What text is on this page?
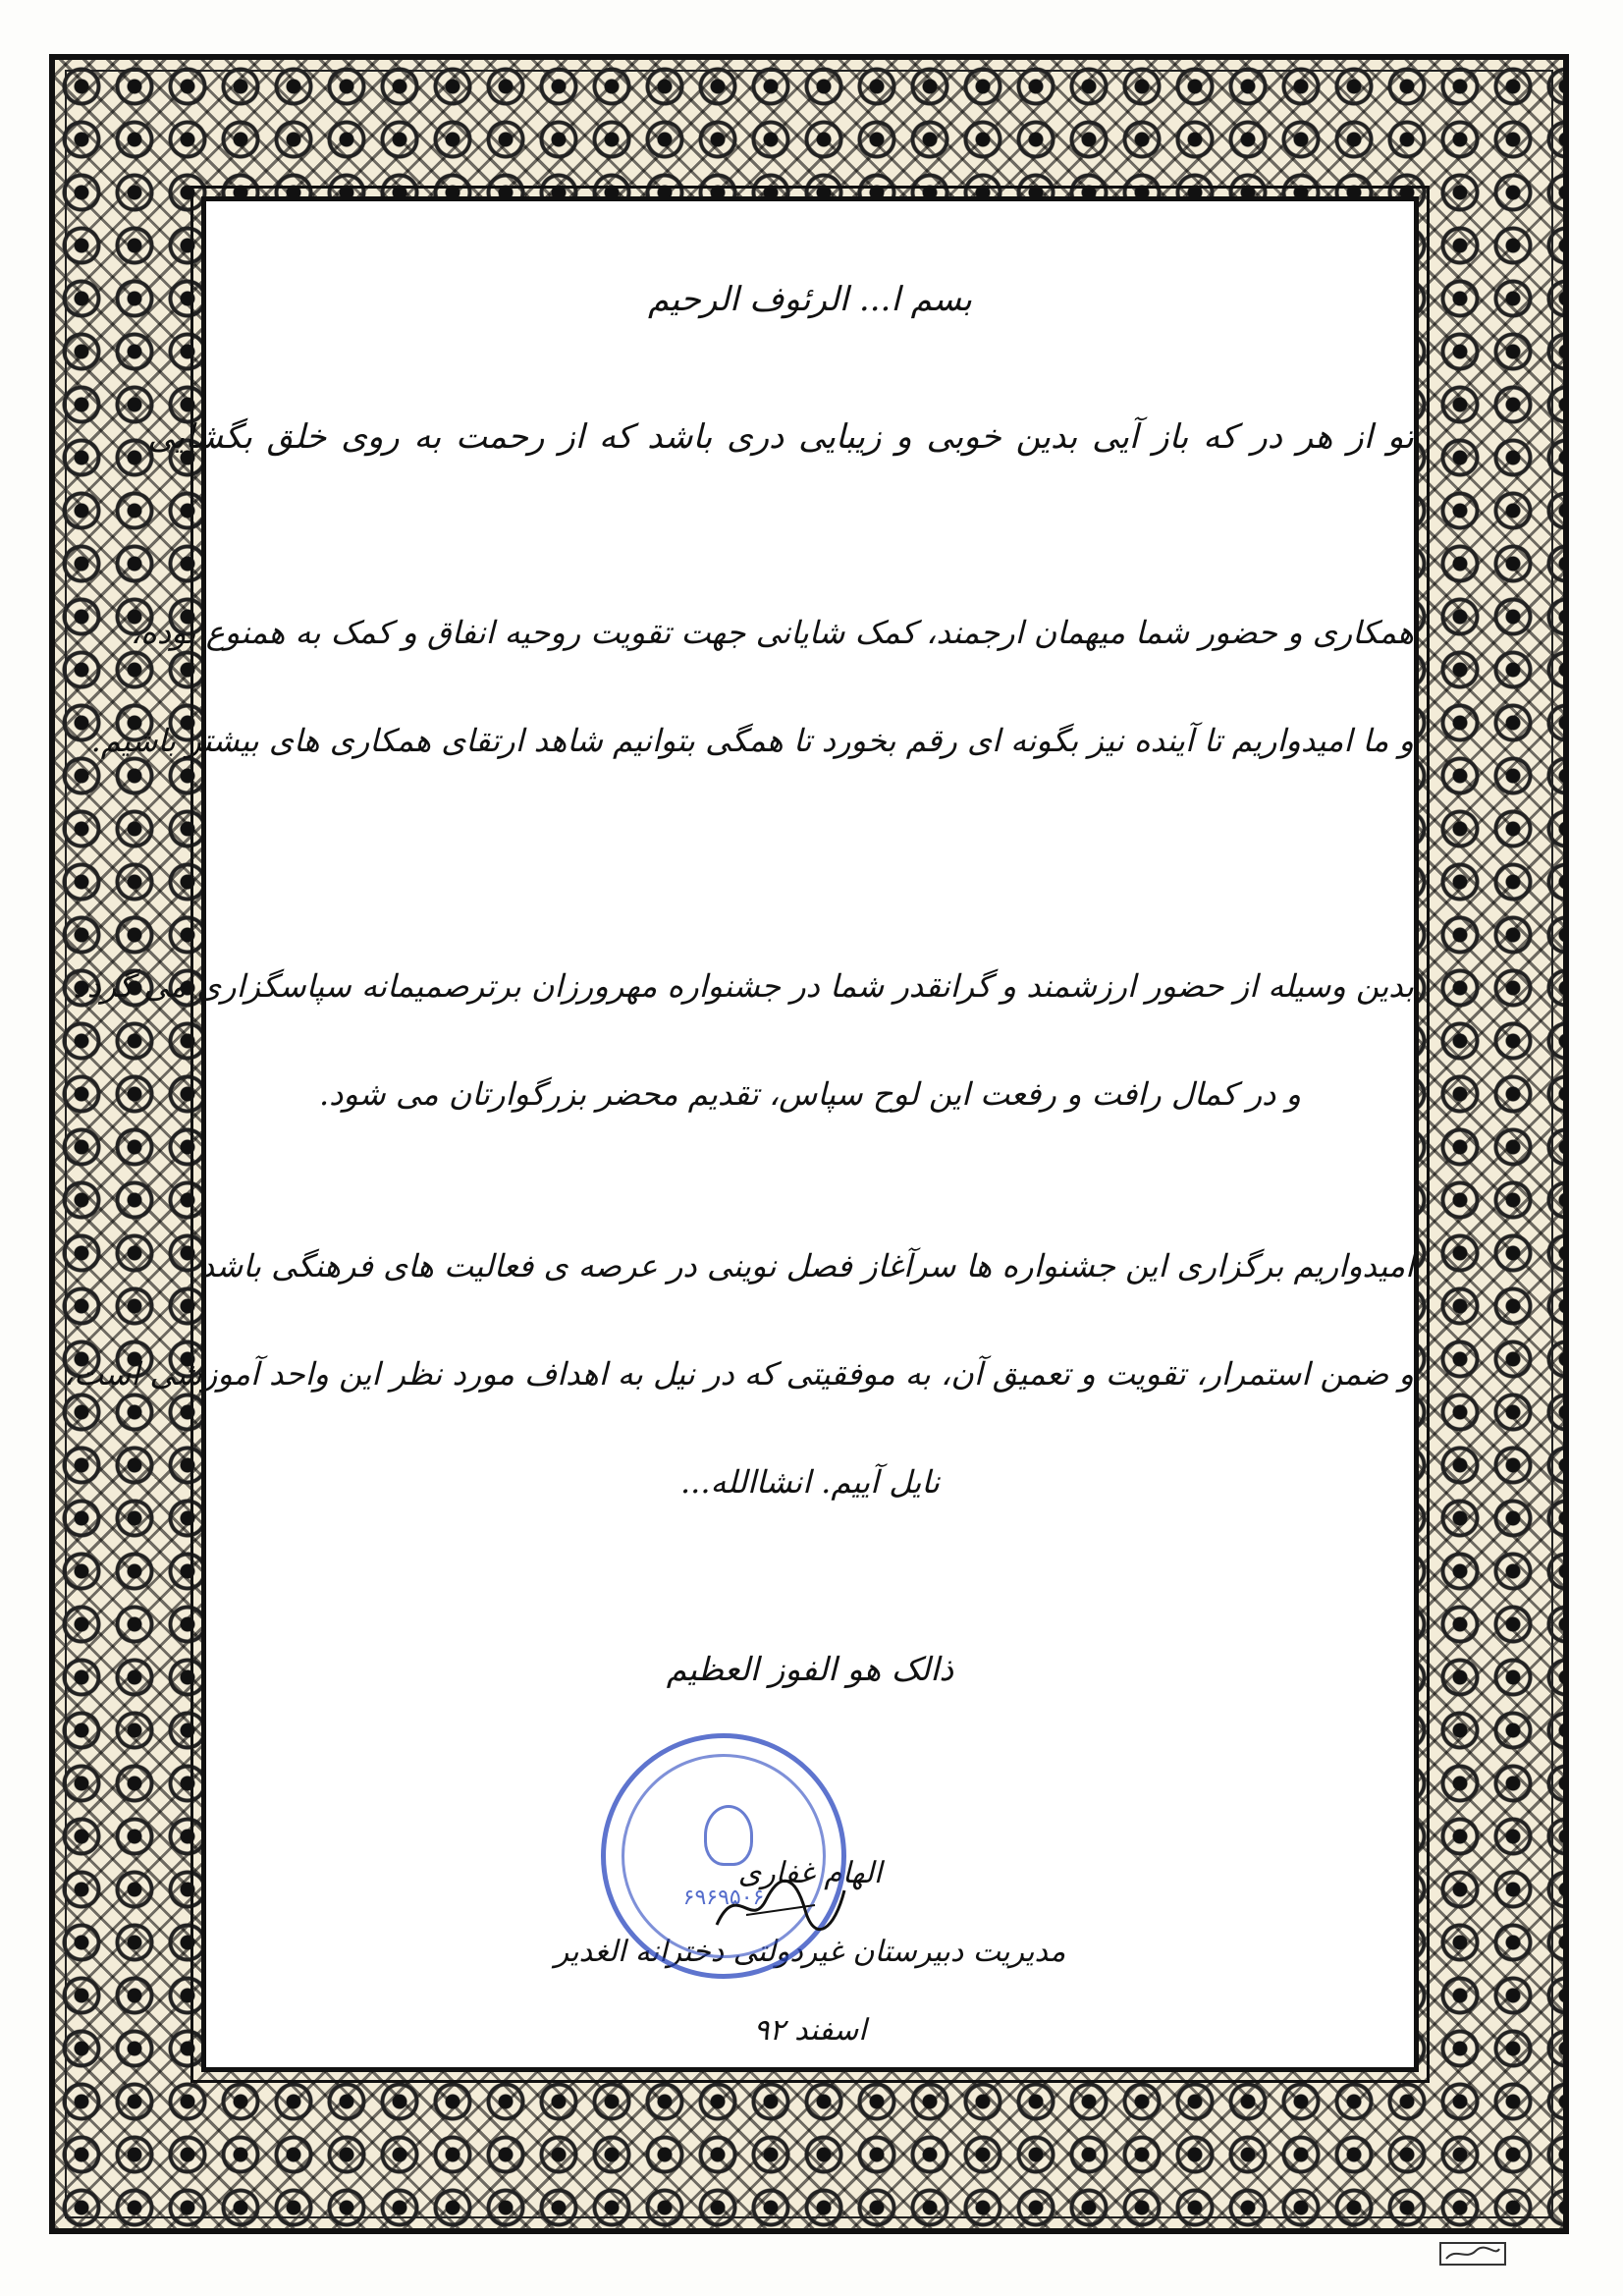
بسم ا... الرئوف الرحیم
تو از هر در که باز آیی بدین خوبی و زیبایی دری باشد که از رحمت به روی خلق بگشایی
همکاری و حضور شما میهمان ارجمند، کمک شایانی جهت تقویت روحیه انفاق و کمک به همنوع بوده،
و ما امیدواریم تا آینده نیز بگونه ای رقم بخورد تا همگی بتوانیم شاهد ارتقای همکاری های بیشتر باشیم.
بدین وسیله از حضور ارزشمند و گرانقدر شما در جشنواره مهرورزان برترصمیمانه سپاسگزاری می گردد
و در کمال رافت و رفعت این لوح سپاس، تقدیم محضر بزرگوارتان می شود.
امیدواریم برگزاری این جشنواره ها سرآغاز فصل نوینی در عرصه ی فعالیت های فرهنگی باشد
و ضمن استمرار، تقویت و تعمیق آن، به موفقیتی که در نیل به اهداف مورد نظر این واحد آموزشی است،
نایل آییم. انشاالله...
ذالک هو الفوز العظیم
الهام غفاری
مدیریت دبیرستان غیردولتی دخترانه الغدیر
اسفند ۹۲
۶۹۶۹۵۰۶
